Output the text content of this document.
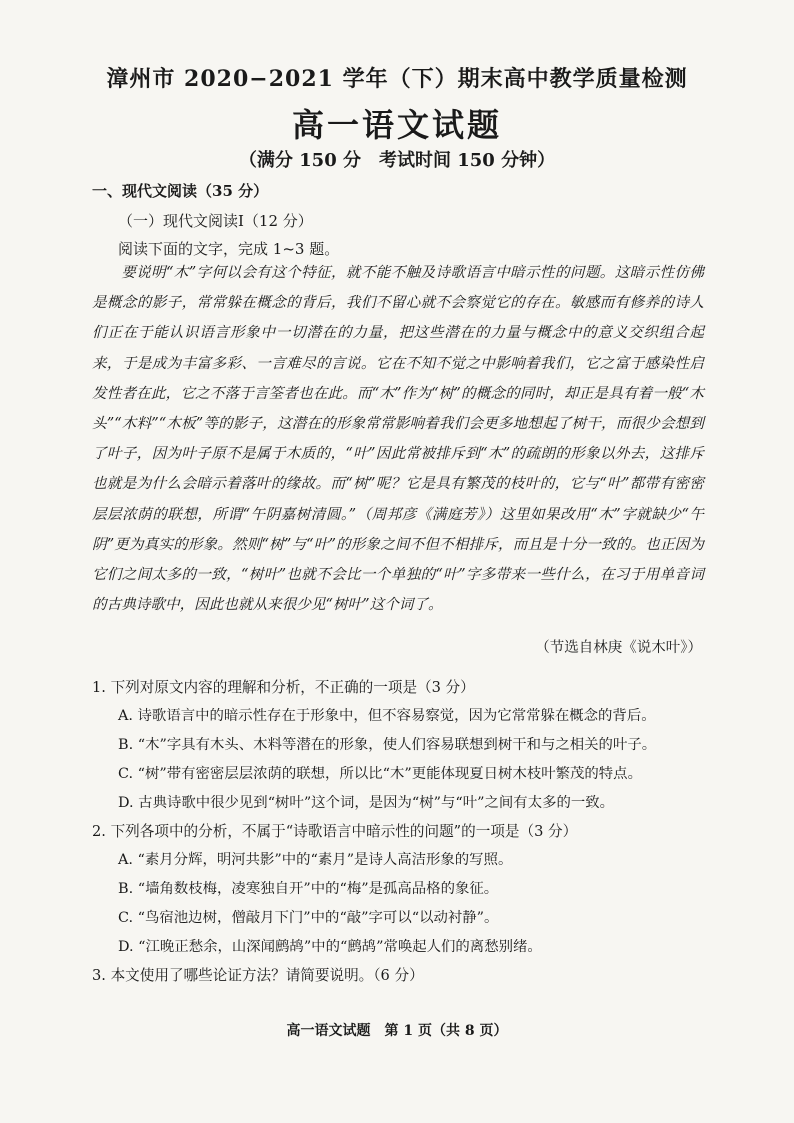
漳州市 2020−2021 学年（下）期末高中教学质量检测
高一语文试题
（满分 150 分　考试时间 150 分钟）
一、现代文阅读（35 分）
（一）现代文阅读Ⅰ（12 分）
阅读下面的文字，完成 1~3 题。
要说明“木”字何以会有这个特征，就不能不触及诗歌语言中暗示性的问题。这暗示性仿佛是概念的影子，常常躲在概念的背后，我们不留心就不会察觉它的存在。敏感而有修养的诗人们正在于能认识语言形象中一切潜在的力量，把这些潜在的力量与概念中的意义交织组合起来，于是成为丰富多彩、一言难尽的言说。它在不知不觉之中影响着我们，它之富于感染性启发性者在此，它之不落于言筌者也在此。而“木”作为“树”的概念的同时，却正是具有着一般“木头”“木料”“木板”等的影子，这潜在的形象常常影响着我们会更多地想起了树干，而很少会想到了叶子，因为叶子原不是属于木质的，“叶”因此常被排斥到“木”的疏朗的形象以外去，这排斥也就是为什么会暗示着落叶的缘故。而“树”呢？它是具有繁茂的枝叶的，它与“叶”都带有密密层层浓荫的联想，所谓“午阴嘉树清圆。”（周邦彦《满庭芳》）这里如果改用“木”字就缺少“午阴”更为真实的形象。然则“树”与“叶”的形象之间不但不相排斥，而且是十分一致的。也正因为它们之间太多的一致，“树叶”也就不会比一个单独的“叶”字多带来一些什么，在习于用单音词的古典诗歌中，因此也就从来很少见“树叶”这个词了。
（节选自林庚《说木叶》）
1. 下列对原文内容的理解和分析，不正确的一项是（3 分）
A. 诗歌语言中的暗示性存在于形象中，但不容易察觉，因为它常常躲在概念的背后。
B. “木”字具有木头、木料等潜在的形象，使人们容易联想到树干和与之相关的叶子。
C. “树”带有密密层层浓荫的联想，所以比“木”更能体现夏日树木枝叶繁茂的特点。
D. 古典诗歌中很少见到“树叶”这个词，是因为“树”与“叶”之间有太多的一致。
2. 下列各项中的分析，不属于“诗歌语言中暗示性的问题”的一项是（3 分）
A. “素月分辉，明河共影”中的“素月”是诗人高洁形象的写照。
B. “墙角数枝梅，凌寒独自开”中的“梅”是孤高品格的象征。
C. “鸟宿池边树，僧敲月下门”中的“敲”字可以“以动衬静”。
D. “江晚正愁余，山深闻鹧鸪”中的“鹧鸪”常唤起人们的离愁别绪。
3. 本文使用了哪些论证方法？请简要说明。（6 分）
高一语文试题　第 1 页（共 8 页）
